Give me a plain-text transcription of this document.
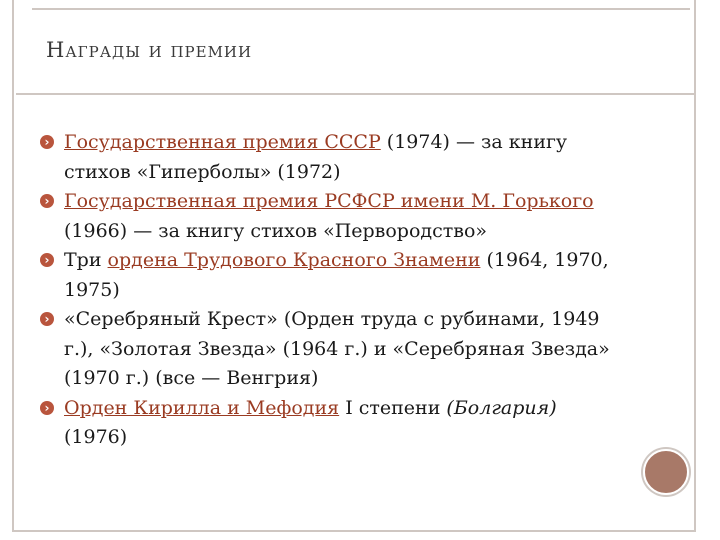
Награды и премии
› Государственная премия СССР (1974) — за книгу стихов «Гиперболы» (1972)
› Государственная премия РСФСР имени М. Горького (1966) — за книгу стихов «Первородство»
› Три ордена Трудового Красного Знамени (1964, 1970, 1975)
› «Серебряный Крест» (Орден труда с рубинами, 1949 г.), «Золотая Звезда» (1964 г.) и «Серебряная Звезда» (1970 г.) (все — Венгрия)
› Орден Кирилла и Мефодия I степени (Болгария) (1976)
